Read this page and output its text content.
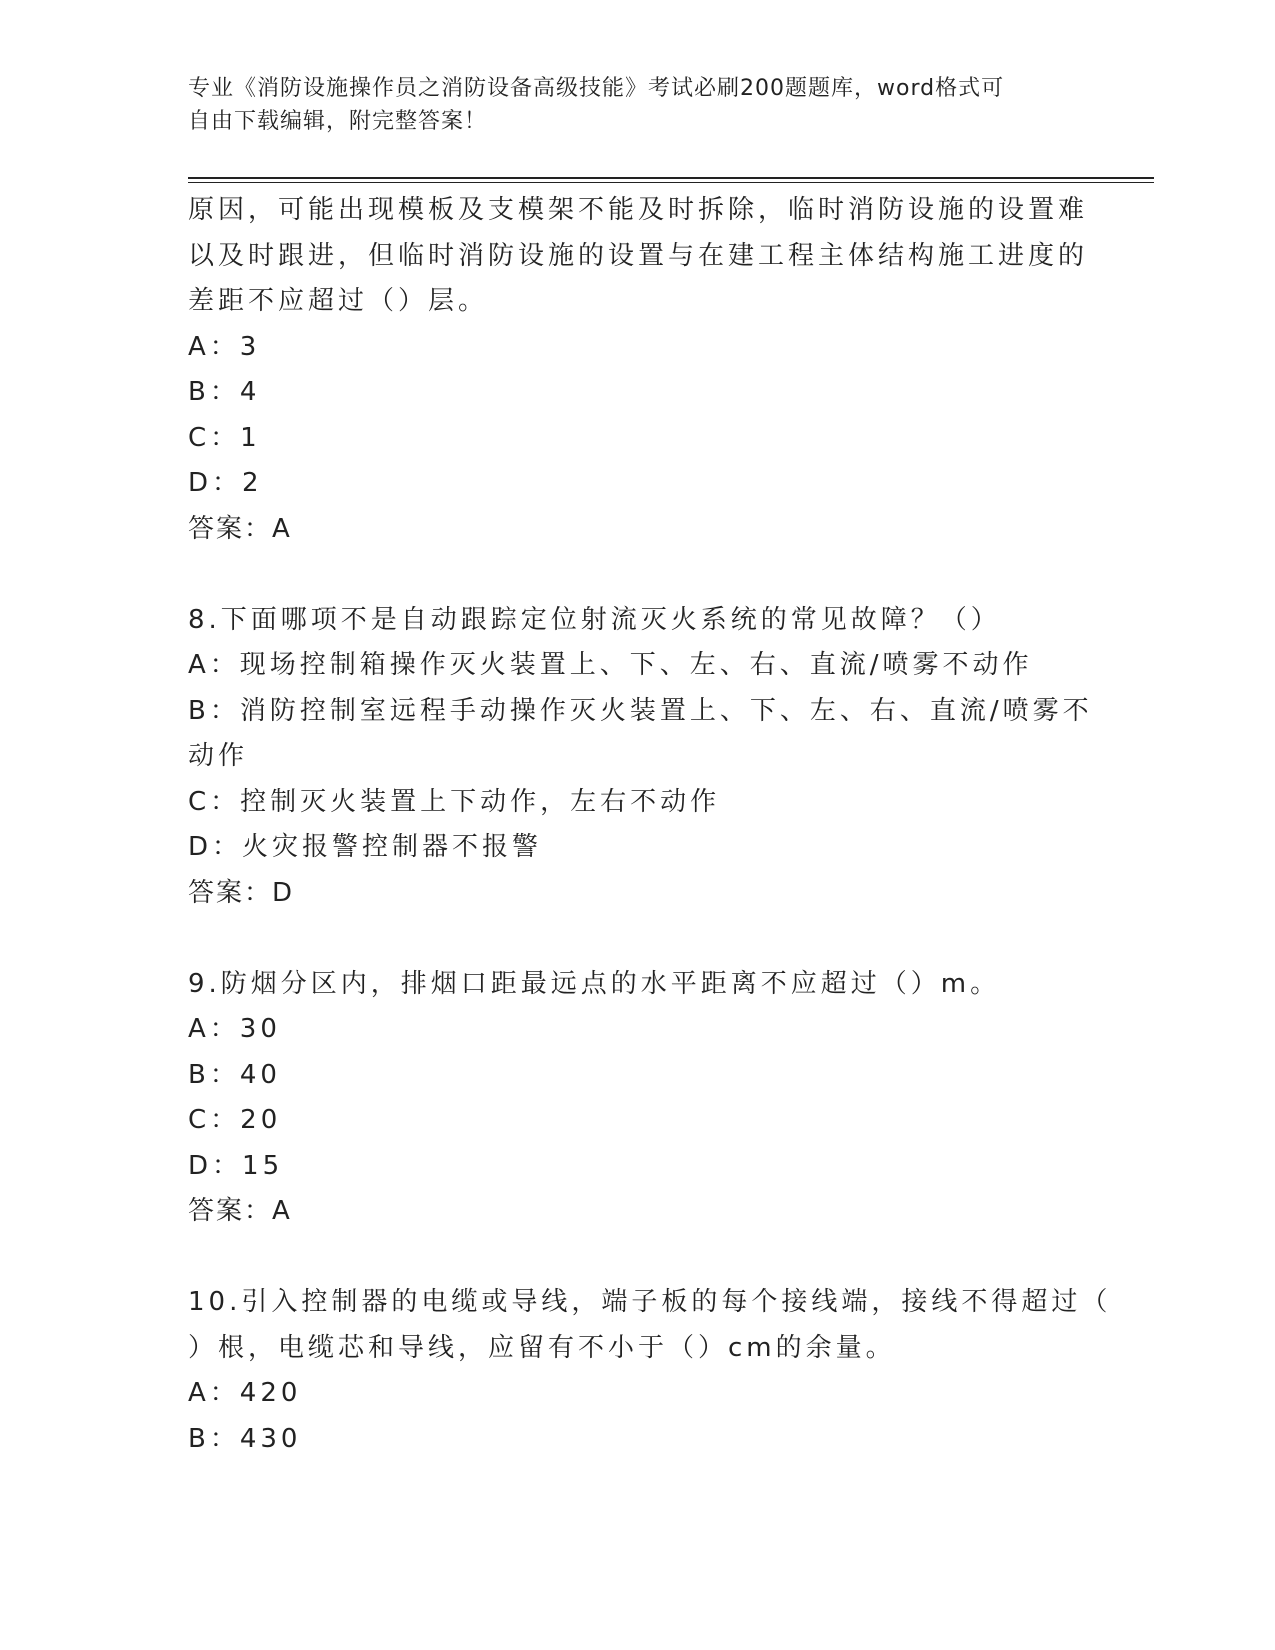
专业《消防设施操作员之消防设备高级技能》考试必刷200题题库，word格式可
自由下载编辑，附完整答案！
原因，可能出现模板及支模架不能及时拆除，临时消防设施的设置难
以及时跟进，但临时消防设施的设置与在建工程主体结构施工进度的
差距不应超过（）层。
A：3
B：4
C：1
D：2
答案：A
8.下面哪项不是自动跟踪定位射流灭火系统的常见故障？（）
A：现场控制箱操作灭火装置上、下、左、右、直流/喷雾不动作
B：消防控制室远程手动操作灭火装置上、下、左、右、直流/喷雾不
动作
C：控制灭火装置上下动作，左右不动作
D：火灾报警控制器不报警
答案：D
9.防烟分区内，排烟口距最远点的水平距离不应超过（）m。
A：30
B：40
C：20
D：15
答案：A
10.引入控制器的电缆或导线，端子板的每个接线端，接线不得超过（
）根，电缆芯和导线，应留有不小于（）cm的余量。
A：420
B：430
